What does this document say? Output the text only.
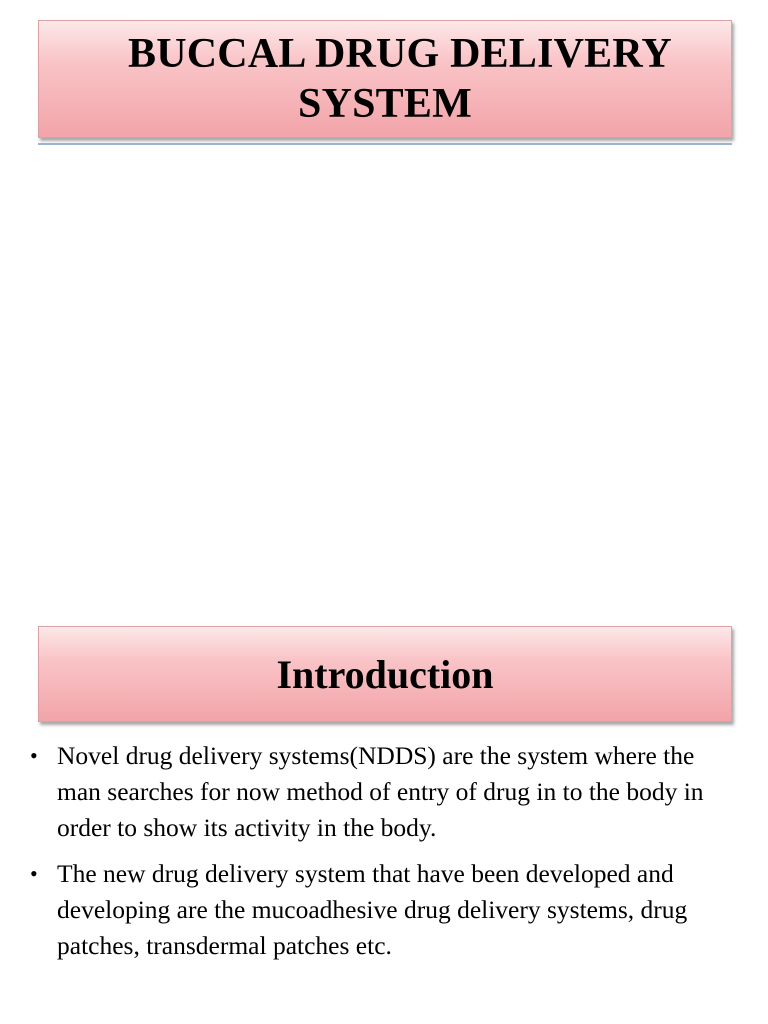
BUCCAL DRUG DELIVERY
SYSTEM
Introduction
• Novel drug delivery systems(NDDS) are the system where the man searches for now method of entry of drug in to the body in order to show its activity in the body.
• The new drug delivery system that have been developed and developing are the mucoadhesive drug delivery systems, drug patches, transdermal patches etc.
